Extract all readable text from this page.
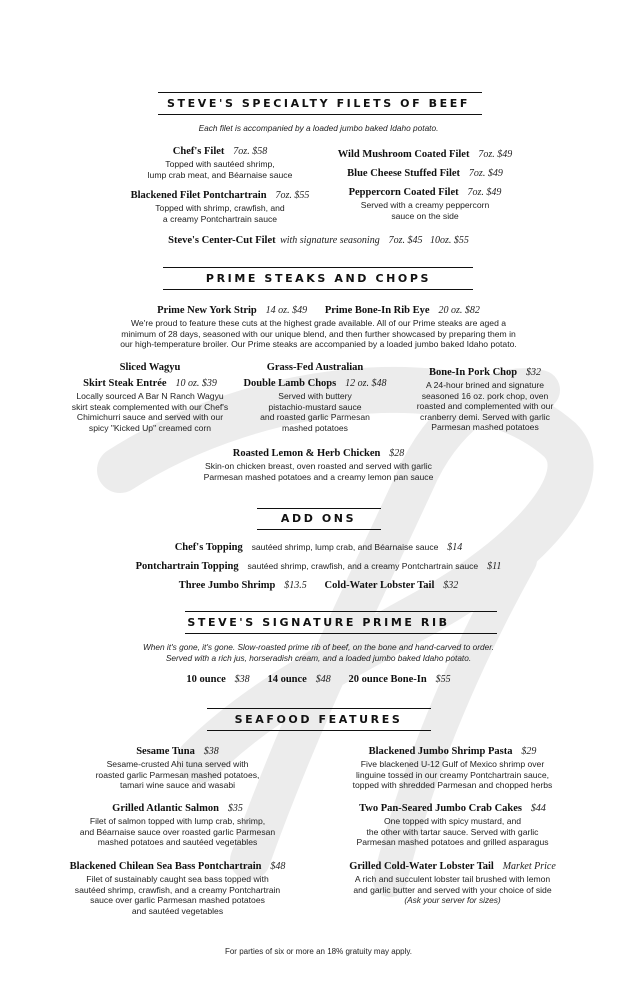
STEVE'S SPECIALTY FILETS OF BEEF
Each filet is accompanied by a loaded jumbo baked Idaho potato.
Chef's Filet 7oz. $58
Topped with sautéed shrimp,
lump crab meat, and Béarnaise sauce
Blackened Filet Pontchartrain 7oz. $55
Topped with shrimp, crawfish, and
a creamy Pontchartrain sauce
Wild Mushroom Coated Filet 7oz. $49
Blue Cheese Stuffed Filet 7oz. $49
Peppercorn Coated Filet 7oz. $49
Served with a creamy peppercorn
sauce on the side
Steve's Center-Cut Filet with signature seasoning 7oz. $45   10oz. $55
PRIME STEAKS AND CHOPS
Prime New York Strip 14 oz. $49 Prime Bone-In Rib Eye 20 oz. $82
We're proud to feature these cuts at the highest grade available. All of our Prime steaks are aged a
minimum of 28 days, seasoned with our unique blend, and then further showcased by preparing them in
our high-temperature broiler. Our Prime steaks are accompanied by a loaded jumbo baked Idaho potato.
Sliced Wagyu
Skirt Steak Entrée 10 oz. $39
Locally sourced A Bar N Ranch Wagyu
skirt steak complemented with our Chef's
Chimichurri sauce and served with our
spicy "Kicked Up" creamed corn
Grass-Fed Australian
Double Lamb Chops 12 oz. $48
Served with buttery
pistachio-mustard sauce
and roasted garlic Parmesan
mashed potatoes
Bone-In Pork Chop $32
A 24-hour brined and signature
seasoned 16 oz. pork chop, oven
roasted and complemented with our
cranberry demi. Served with garlic
Parmesan mashed potatoes
Roasted Lemon & Herb Chicken $28
Skin-on chicken breast, oven roasted and served with garlic
Parmesan mashed potatoes and a creamy lemon pan sauce
ADD ONS
Chef's Topping sautéed shrimp, lump crab, and Béarnaise sauce $14
Pontchartrain Topping sautéed shrimp, crawfish, and a creamy Pontchartrain sauce $11
Three Jumbo Shrimp $13.5 Cold-Water Lobster Tail $32
STEVE'S SIGNATURE PRIME RIB
When it's gone, it's gone. Slow-roasted prime rib of beef, on the bone and hand-carved to order.
Served with a rich jus, horseradish cream, and a loaded jumbo baked Idaho potato.
10 ounce $38 14 ounce $48 20 ounce Bone-In $55
SEAFOOD FEATURES
Sesame Tuna $38
Sesame-crusted Ahi tuna served with
roasted garlic Parmesan mashed potatoes,
tamari wine sauce and wasabi
Grilled Atlantic Salmon $35
Filet of salmon topped with lump crab, shrimp,
and Béarnaise sauce over roasted garlic Parmesan
mashed potatoes and sautéed vegetables
Blackened Chilean Sea Bass Pontchartrain $48
Filet of sustainably caught sea bass topped with
sautéed shrimp, crawfish, and a creamy Pontchartrain
sauce over garlic Parmesan mashed potatoes
and sautéed vegetables
Blackened Jumbo Shrimp Pasta $29
Five blackened U-12 Gulf of Mexico shrimp over
linguine tossed in our creamy Pontchartrain sauce,
topped with shredded Parmesan and chopped herbs
Two Pan-Seared Jumbo Crab Cakes $44
One topped with spicy mustard, and
the other with tartar sauce. Served with garlic
Parmesan mashed potatoes and grilled asparagus
Grilled Cold-Water Lobster Tail Market Price
A rich and succulent lobster tail brushed with lemon
and garlic butter and served with your choice of side
(Ask your server for sizes)
For parties of six or more an 18% gratuity may apply.
